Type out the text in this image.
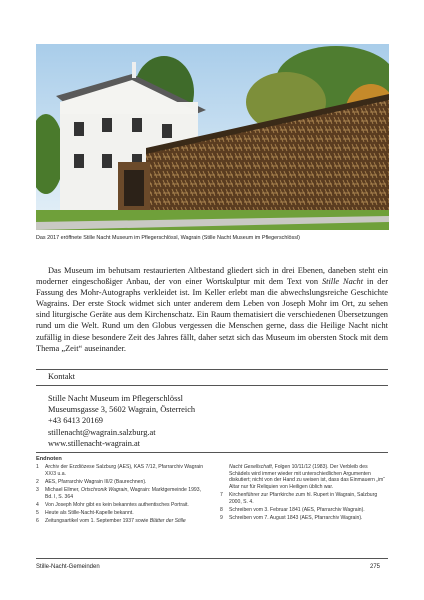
Das 2017 eröffnete Stille Nacht Museum im Pflegerschlössl, Wagrain (Stille Nacht Museum im Pflegerschlössl)

Das Museum im behutsam restaurierten Altbestand gliedert sich in drei Ebenen, daneben steht ein moderner eingeschoßiger Anbau, der von einer Wortskulptur mit dem Text von Stille Nacht in der Fassung des Mohr-Autographs verkleidet ist. Im Keller erlebt man die abwechslungsreiche Geschichte Wagrains. Der erste Stock widmet sich unter anderem dem Leben von Joseph Mohr im Ort, zu sehen sind liturgische Geräte aus dem Kirchenschatz. Ein Raum thematisiert die verschiedenen Übersetzungen rund um die Welt. Rund um den Globus vergessen die Menschen gerne, dass die Heilige Nacht nicht zufällig in diese besondere Zeit des Jahres fällt, daher setzt sich das Museum im obersten Stock mit dem Thema „Zeit“ auseinander.

Kontakt
Stille Nacht Museum im Pflegerschlössl
Museumsgasse 3, 5602 Wagrain, Österreich
+43 6413 20169
stillenacht@wagrain.salzburg.at
www.stillenacht-wagrain.at
Endnoten
1	Archiv der Erzdiözese Salzburg (AES), KAS 7/12, Pfarrarchiv Wagrain XX/3 u.a.
2	AES, Pfarrarchiv Wagrain III/2 (Baurechnen).
3	Michael Ellmer, Ortschronik Wagrain, Wagrain: Marktgemeinde 1993, Bd. I, S. 364
4	Von Joseph Mohr gibt es kein bekanntes authentisches Portrait.
5	Heute als Stille-Nacht-Kapelle bekannt.
6	Zeitungsartikel vom 1. September 1937 sowie Blätter der Stille
Nacht Gesellschaft, Folgen 10/11/12 (1983). Der Verbleib des Schädels wird immer wieder mit unterschiedlichen Argumenten diskutiert; nicht von der Hand zu weisen ist, dass das Einmauern „im“ Altar nur für Reliquien von Heiligen üblich war.
7	Kirchenführer zur Pfarrkirche zum hl. Rupert in Wagrain, Salzburg 2000, S. 4.
8	Schreiben vom 3. Februar 1841 (AES, Pfarrarchiv Wagrain).
9	Schreiben vom 7. August 1843 (AES, Pfarrarchiv Wagrain).
Stille-Nacht-Gemeinden	275
